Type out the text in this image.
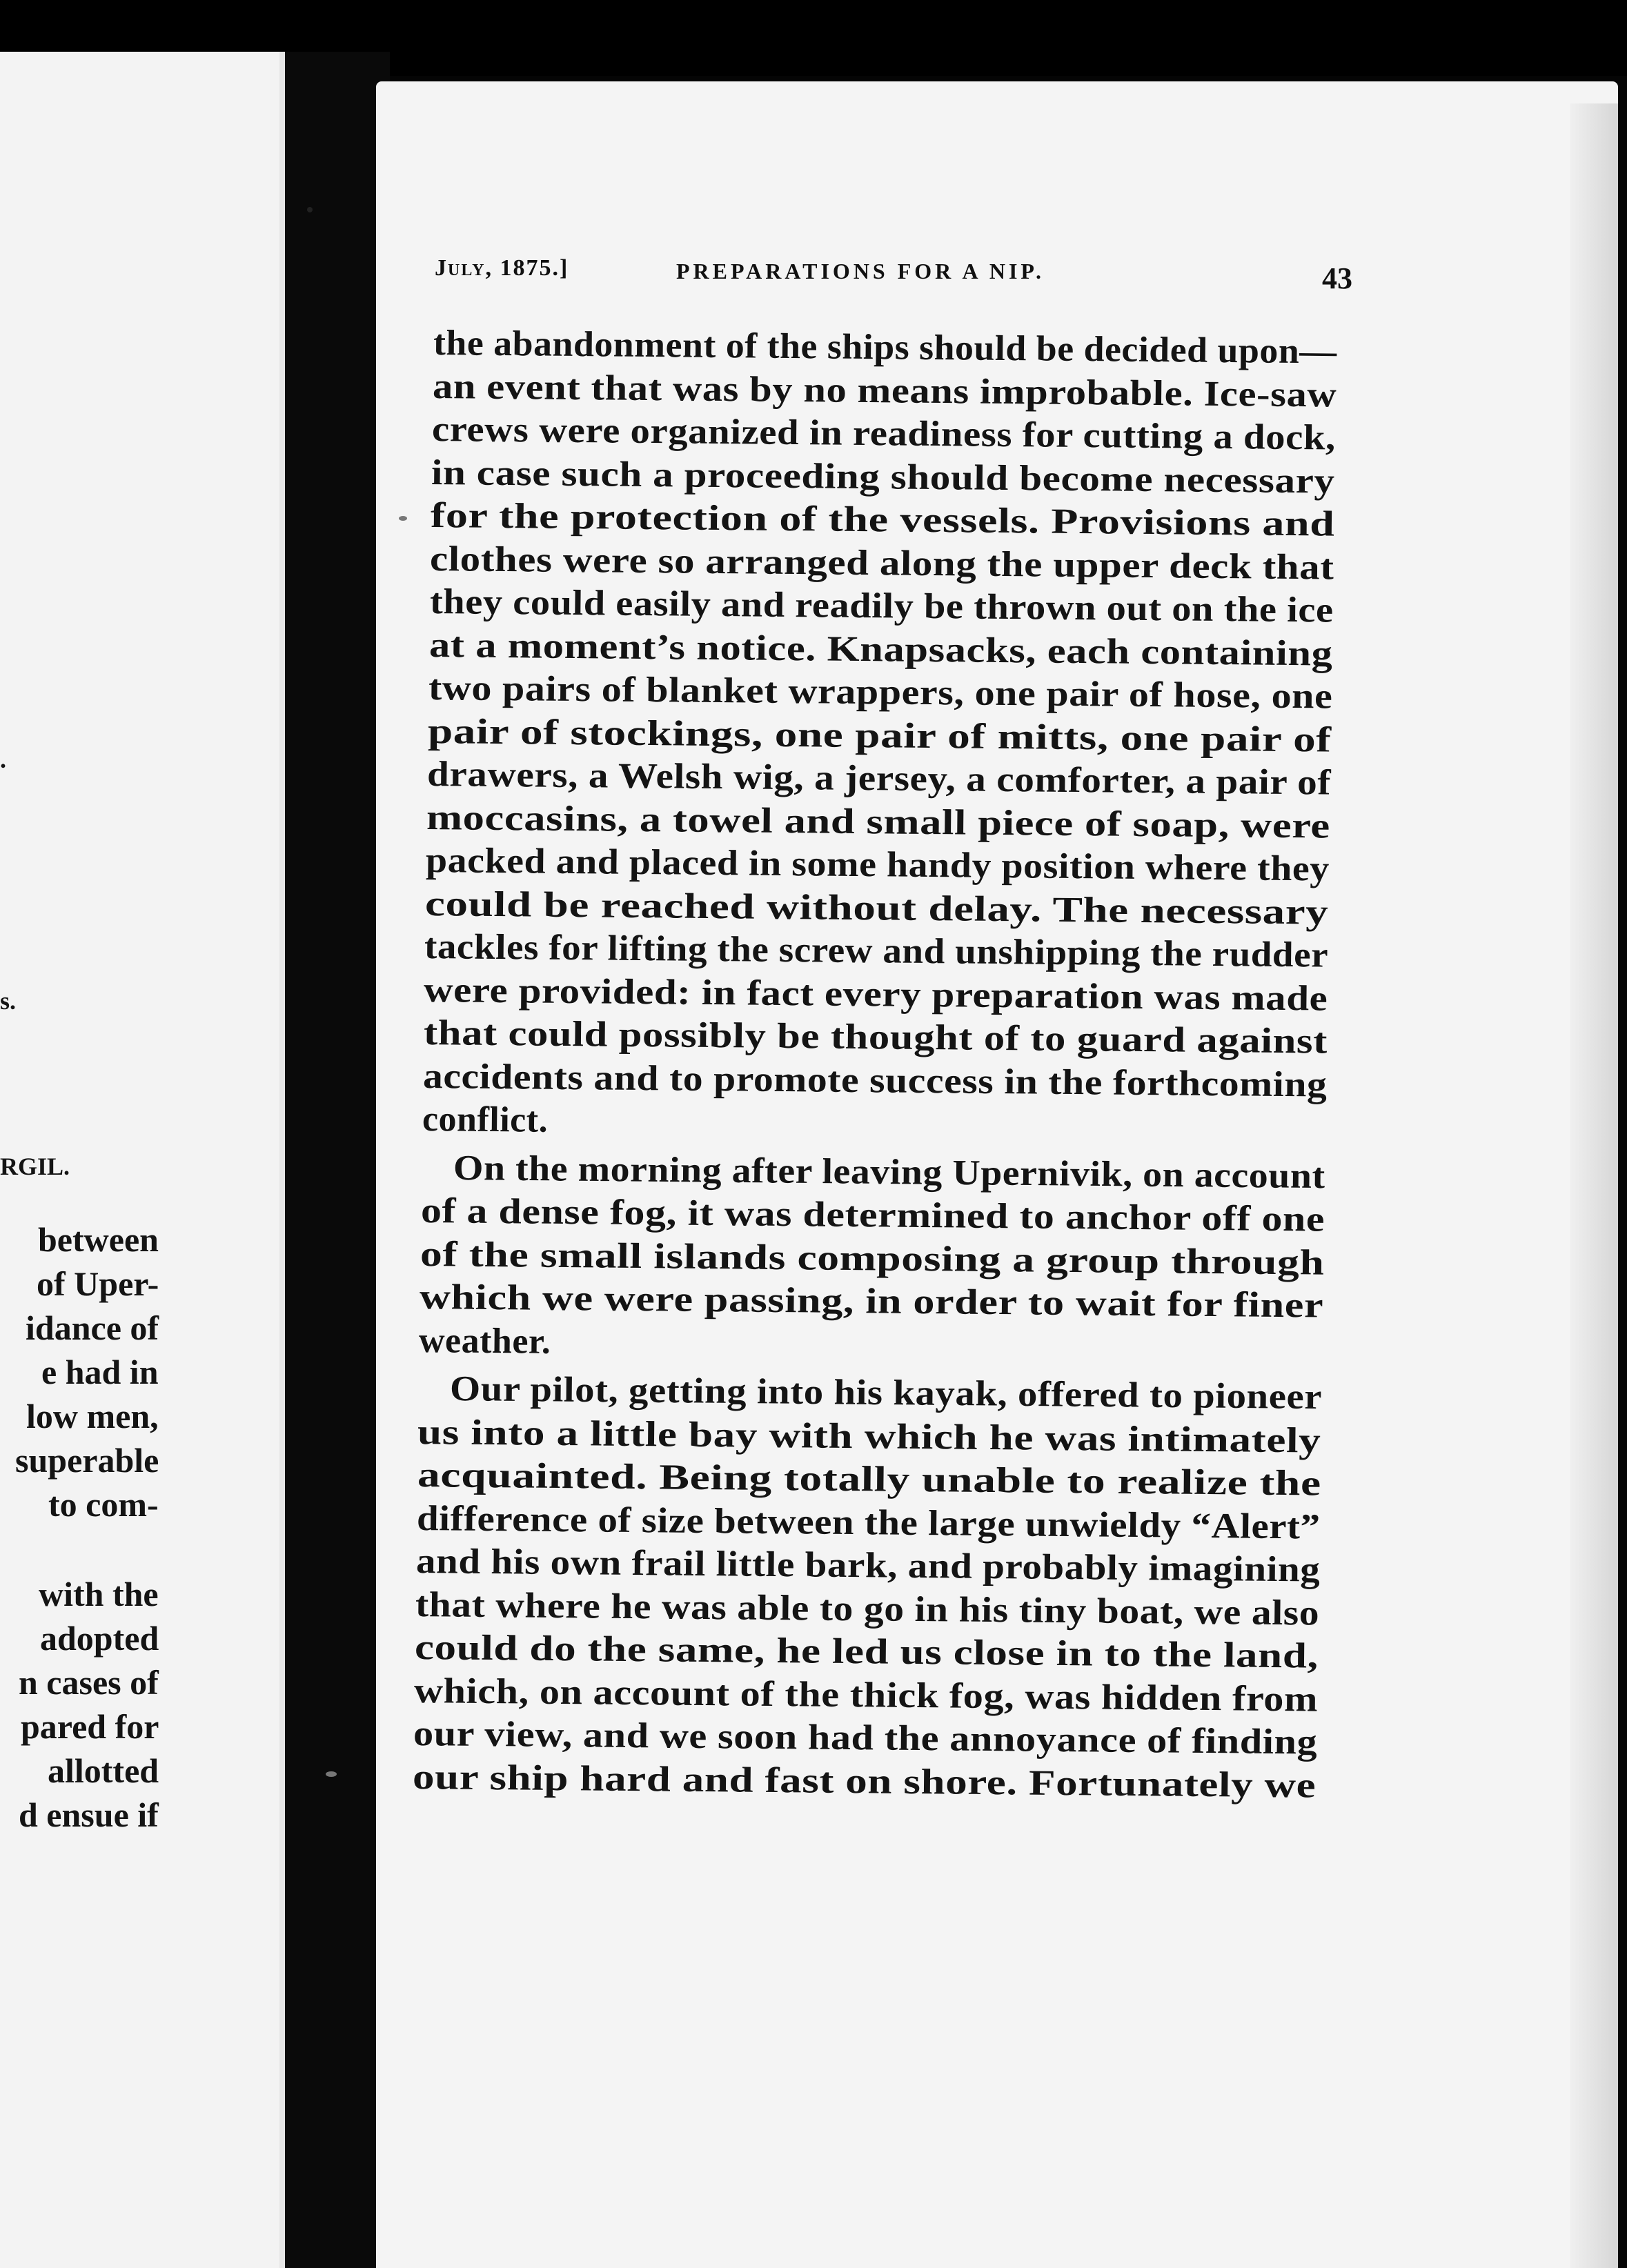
July, 1875.]	PREPARATIONS FOR A NIP.	43
the abandonment of the ships should be decided upon—
an event that was by no means improbable. Ice-saw
crews were organized in readiness for cutting a dock,
in case such a proceeding should become necessary
for the protection of the vessels. Provisions and
clothes were so arranged along the upper deck that
they could easily and readily be thrown out on the ice
at a moment’s notice. Knapsacks, each containing
two pairs of blanket wrappers, one pair of hose, one
pair of stockings, one pair of mitts, one pair of
drawers, a Welsh wig, a jersey, a comforter, a pair of
moccasins, a towel and small piece of soap, were
packed and placed in some handy position where they
could be reached without delay. The necessary
tackles for lifting the screw and unshipping the rudder
were provided: in fact every preparation was made
that could possibly be thought of to guard against
accidents and to promote success in the forthcoming
conflict.
On the morning after leaving Upernivik, on account
of a dense fog, it was determined to anchor off one
of the small islands composing a group through
which we were passing, in order to wait for finer
weather.
Our pilot, getting into his kayak, offered to pioneer
us into a little bay with which he was intimately
acquainted. Being totally unable to realize the
difference of size between the large unwieldy “Alert”
and his own frail little bark, and probably imagining
that where he was able to go in his tiny boat, we also
could do the same, he led us close in to the land,
which, on account of the thick fog, was hidden from
our view, and we soon had the annoyance of finding
our ship hard and fast on shore. Fortunately we
.
s.
RGIL.
between
of Uper-
idance of
e had in
low men,
superable
to com-
with the
adopted
n cases of
pared for
allotted
d ensue if
